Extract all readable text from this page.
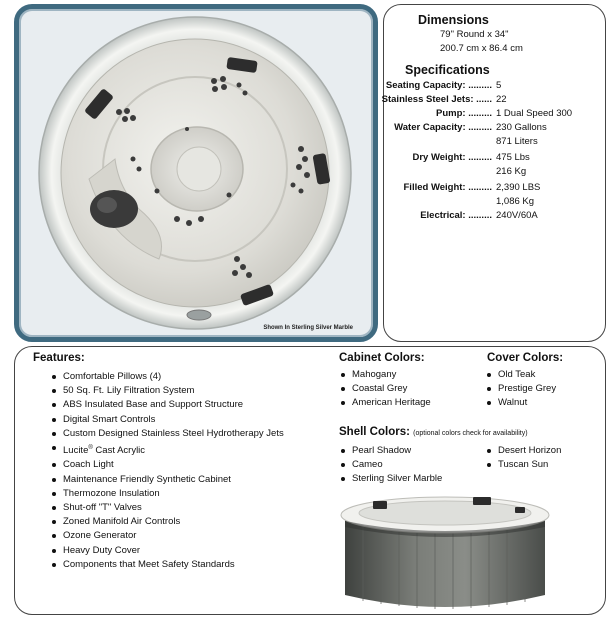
Shown In Sterling Silver Marble
Dimensions
79" Round x 34"
200.7 cm x 86.4 cm
Specifications
Seating Capacity: ......... 5
Stainless Steel Jets: ...... 22
Pump: ......... 1 Dual Speed 300
Water Capacity: ......... 230 Gallons
871 Liters
Dry Weight: ......... 475 Lbs
216 Kg
Filled Weight: ......... 2,390 LBS
1,086 Kg
Electrical: ......... 240V/60A
Features:
Comfortable Pillows (4)
50 Sq. Ft. Lily Filtration System
ABS Insulated Base and Support Structure
Digital Smart Controls
Custom Designed Stainless Steel Hydrotherapy Jets
Lucite® Cast Acrylic
Coach Light
Maintenance Friendly Synthetic Cabinet
Thermozone Insulation
Shut-off "T" Valves
Zoned Manifold Air Controls
Ozone Generator
Heavy Duty Cover
Components that Meet Safety Standards
Cabinet Colors:
Mahogany
Coastal Grey
American Heritage
Cover Colors:
Old Teak
Prestige Grey
Walnut
Shell Colors: (optional colors check for availability)
Pearl Shadow
Cameo
Sterling Silver Marble
Desert Horizon
Tuscan Sun
